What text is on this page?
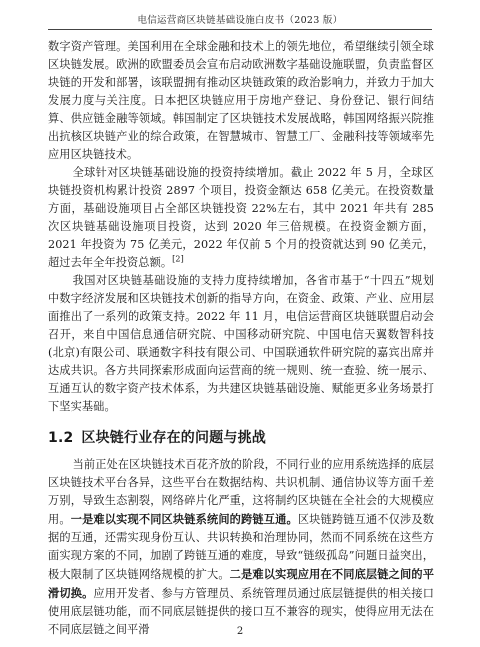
电信运营商区块链基础设施白皮书（2023 版）

数字资产管理。美国利用在全球金融和技术上的领先地位，希望继续引领全球区块链发展。欧洲的欧盟委员会宣布启动欧洲数字基础设施联盟，负责监督区块链的开发和部署，该联盟拥有推动区块链政策的政治影响力，并致力于加大发展力度与关注度。日本把区块链应用于房地产登记、身份登记、银行间结算、供应链金融等领域。韩国制定了区块链技术发展战略，韩国网络振兴院推出抗核区块链产业的综合政策，在智慧城市、智慧工厂、金融科技等领域率先应用区块链技术。

全球针对区块链基础设施的投资持续增加。截止 2022 年 5 月，全球区块链投资机构累计投资 2897 个项目，投资金额达 658 亿美元。在投资数量方面，基础设施项目占全部区块链投资 22%左右，其中 2021 年共有 285 次区块链基础设施项目投资，达到 2020 年三倍规模。在投资金额方面，2021 年投资为 75 亿美元，2022 年仅前 5 个月的投资就达到 90 亿美元，超过去年全年投资总额。[2]

我国对区块链基础设施的支持力度持续增加，各省市基于“十四五”规划中数字经济发展和区块链技术创新的指导方向，在资金、政策、产业、应用层面推出了一系列的政策支持。2022 年 11 月，电信运营商区块链联盟启动会召开，来自中国信息通信研究院、中国移动研究院、中国电信天翼数智科技(北京)有限公司、联通数字科技有限公司、中国联通软件研究院的嘉宾出席并达成共识。各方共同探索形成面向运营商的统一规则、统一查验、统一展示、互通互认的数字资产技术体系，为共建区块链基础设施、赋能更多业务场景打下坚实基础。

1.2 区块链行业存在的问题与挑战

当前正处在区块链技术百花齐放的阶段，不同行业的应用系统选择的底层区块链技术平台各异，这些平台在数据结构、共识机制、通信协议等方面千差万别，导致生态割裂，网络碎片化严重，这将制约区块链在全社会的大规模应用。一是难以实现不同区块链系统间的跨链互通。区块链跨链互通不仅涉及数据的互通，还需实现身份互认、共识转换和治理协同，然而不同系统在这些方面实现方案的不同，加剧了跨链互通的难度，导致“链级孤岛”问题日益突出，极大限制了区块链网络规模的扩大。二是难以实现应用在不同底层链之间的平滑切换。应用开发者、参与方管理员、系统管理员通过底层链提供的相关接口使用底层链功能，而不同底层链提供的接口互不兼容的现实，使得应用无法在不同底层链之间平滑	2
